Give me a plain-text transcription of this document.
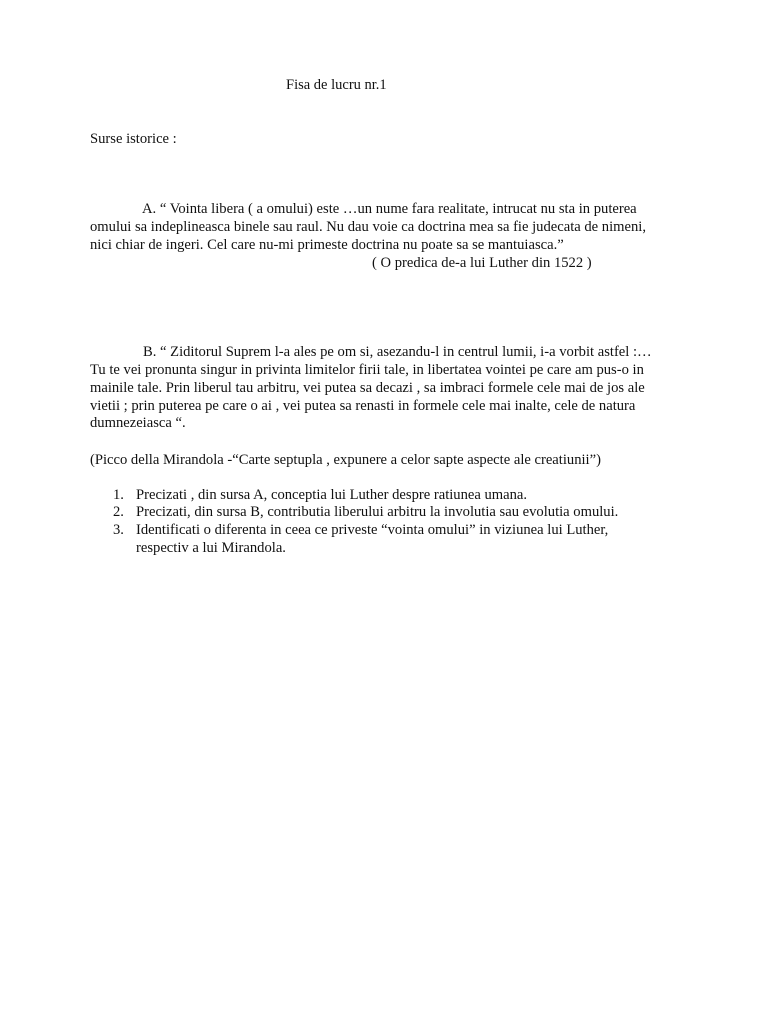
Fisa de lucru nr.1
Surse istorice :
A. “ Vointa libera ( a omului) este …un nume fara realitate, intrucat nu sta in puterea
omului sa indeplineasca binele sau raul. Nu dau voie ca doctrina mea sa fie judecata de nimeni,
nici chiar de ingeri. Cel care nu-mi primeste doctrina nu poate sa se mantuiasca.”
( O predica de-a lui Luther din 1522 )
B. “ Ziditorul Suprem l-a ales pe om si, asezandu-l in centrul lumii, i-a vorbit astfel :…
Tu te vei pronunta singur in privinta limitelor firii tale, in libertatea vointei pe care am pus-o in
mainile tale. Prin liberul tau arbitru, vei putea sa decazi , sa imbraci formele cele mai de jos ale
vietii ; prin puterea pe care o ai , vei putea sa renasti in formele cele mai inalte, cele de natura
dumnezeiasca “.
(Picco della Mirandola -“Carte septupla , expunere a celor sapte aspecte ale creatiunii”)
1. Precizati , din sursa A, conceptia lui Luther despre ratiunea umana.
2. Precizati, din sursa B, contributia liberului arbitru la involutia sau evolutia omului.
3. Identificati o diferenta in ceea ce priveste “vointa omului” in viziunea lui Luther,
respectiv a lui Mirandola.
